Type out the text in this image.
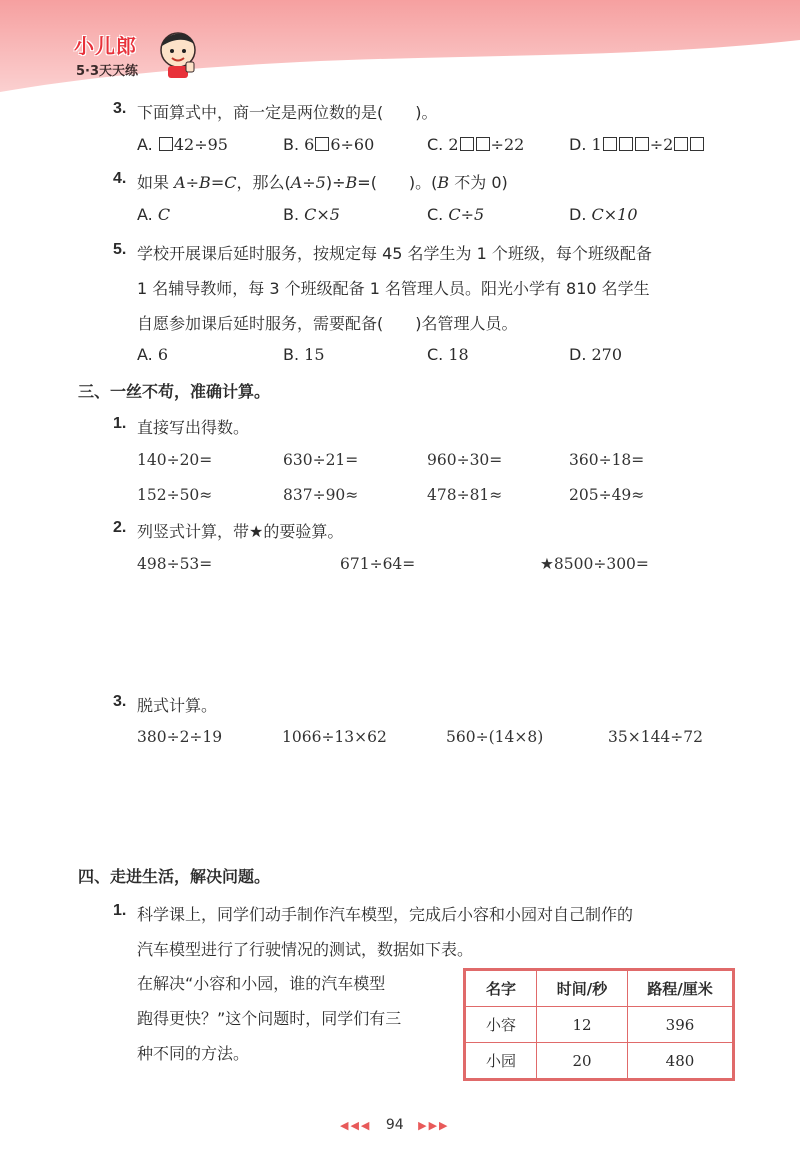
小儿郎
5·3天天练
3. 下面算式中，商一定是两位数的是(　　)。
A. 42÷95	B. 6 6÷60	C. 2 ÷22	D. 1	÷2
4. 如果 A÷B=C，那么(A÷5)÷B=(　　)。(B 不为 0)
A. C	B. C×5	C. C÷5	D. C×10
5. 学校开展课后延时服务，按规定每 45 名学生为 1 个班级，每个班级配备
1 名辅导教师，每 3 个班级配备 1 名管理人员。阳光小学有 810 名学生
自愿参加课后延时服务，需要配备(　　)名管理人员。
A. 6	B. 15	C. 18	D. 270
三、一丝不苟，准确计算。
1. 直接写出得数。
140÷20=	630÷21=	960÷30=	360÷18=
152÷50≈	837÷90≈	478÷81≈	205÷49≈
2. 列竖式计算，带★的要验算。
498÷53=	671÷64=	★8500÷300=
3. 脱式计算。
380÷2÷19	1066÷13×62	560÷(14×8)	35×144÷72
四、走进生活，解决问题。
1. 科学课上，同学们动手制作汽车模型，完成后小容和小园对自己制作的
汽车模型进行了行驶情况的测试，数据如下表。
在解决“小容和小园，谁的汽车模型
跑得更快？”这个问题时，同学们有三
种不同的方法。
名字	时间/秒	路程/厘米
小容	12	396
小园	20	480
◀◀◀ 94 ▶▶▶
